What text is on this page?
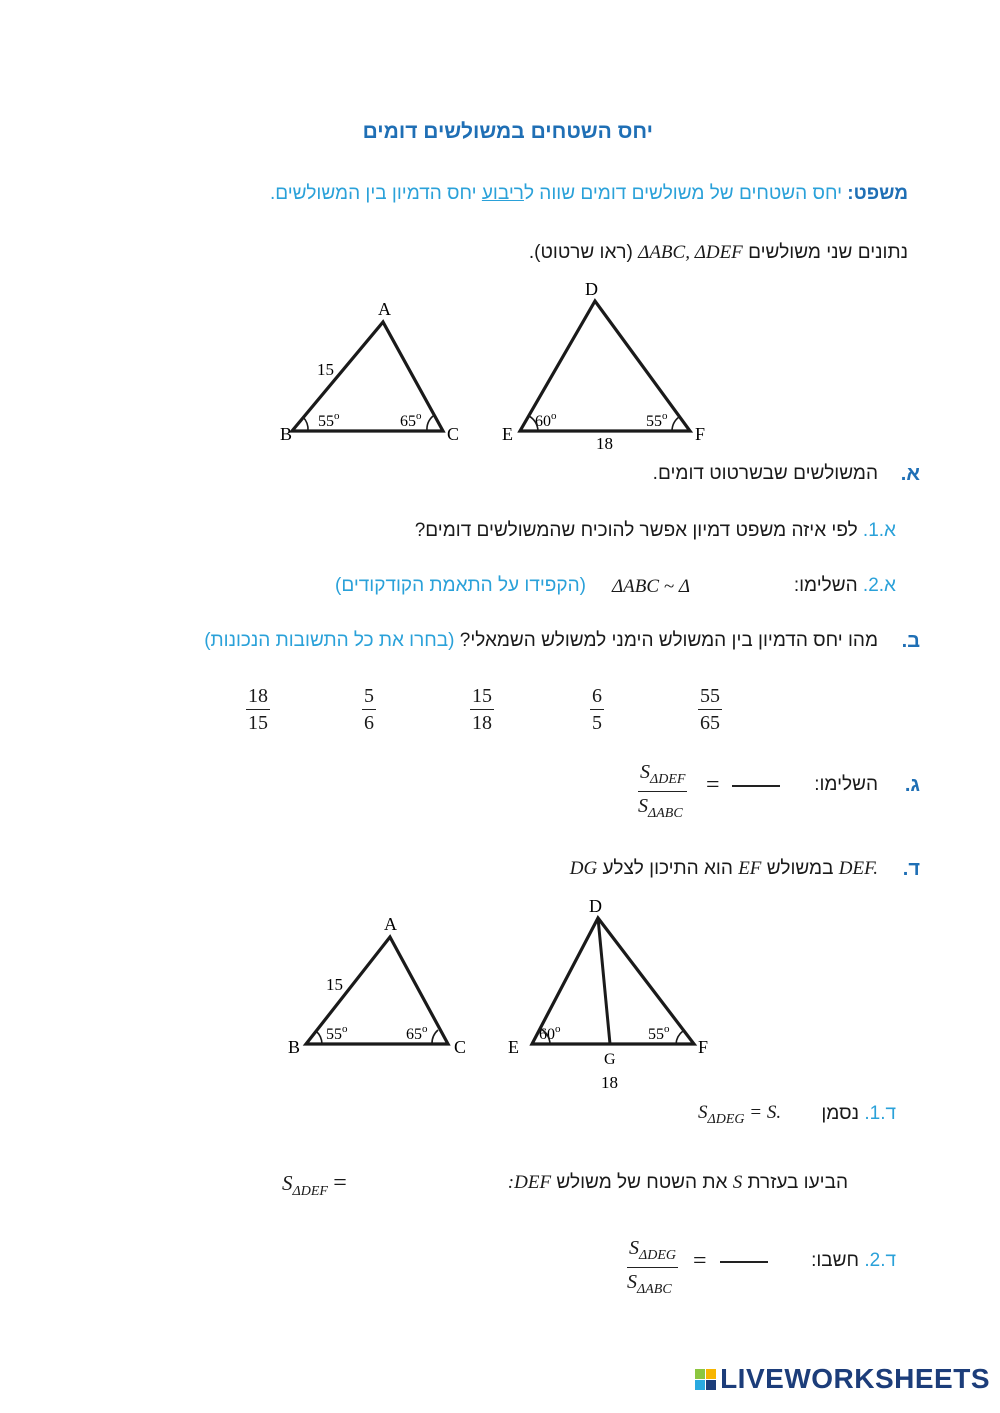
יחס השטחים במשולשים דומים
משפט: יחס השטחים של משולשים דומים שווה לריבוע יחס הדמיון בין המשולשים.
נתונים שני משולשים ΔABC, ΔDEF (ראו שרטוט).
A
B	C
15
55$^o$	65$^o$
D
E	F
18
60$^o$	55$^o$
א.
המשולשים שבשרטוט דומים.
א.1. לפי איזה משפט דמיון אפשר להוכיח שהמשולשים דומים?
א.2. השלימו:
ΔABC ~ Δ
(הקפידו על התאמת הקודקודים)
ב.
מהו יחס הדמיון בין המשולש הימני למשולש השמאלי? (בחרו את כל התשובות הנכונות)
$\frac{55}{65}$
$\frac{6}{5}$
$\frac{15}{18}$
$\frac{5}{6}$
$\frac{18}{15}$
ג.
השלימו:
$S_{\Delta DEF}$
$S_{\Delta ABC}$
=
ד.
DG הוא התיכון לצלע EF במשולש DEF.
A
B	C
15
55$^o$	65$^o$
D
E	F
G
18
60$^o$	55$^o$
ד.1. נסמן
$S_{\Delta DEG} = S$.
הביעו בעזרת S את השטח של משולש DEF:
$S_{\Delta DEF}$ =
ד.2. חשבו:
$S_{\Delta DEG}$
$S_{\Delta ABC}$
=
LIVEWORKSHEETS
